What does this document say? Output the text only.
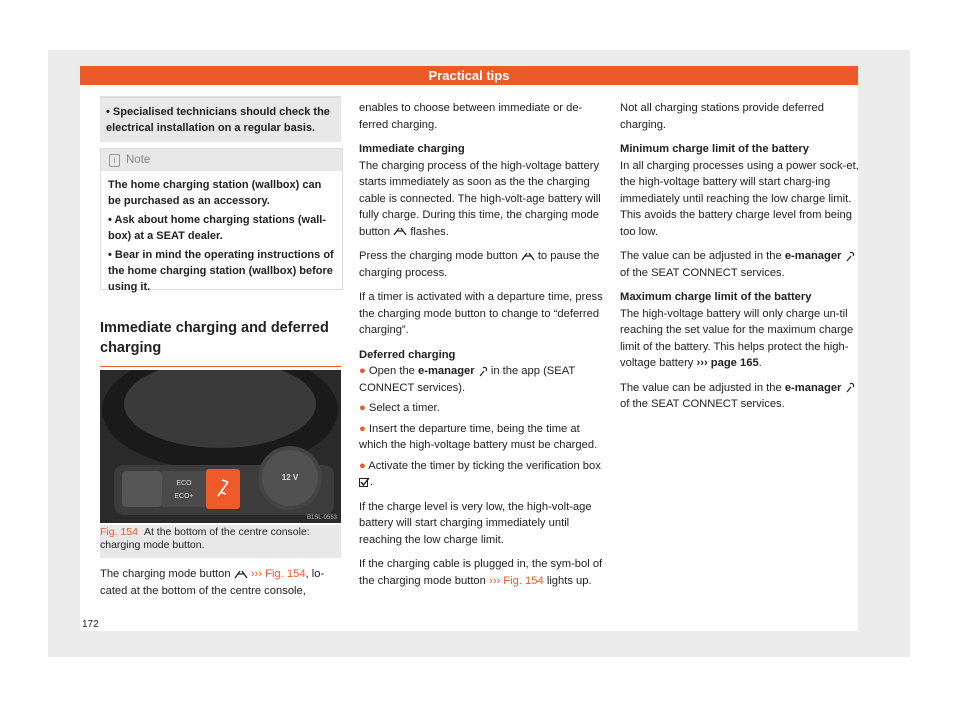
Practical tips
• Specialised technicians should check the electrical installation on a regular basis.
i Note

The home charging station (wallbox) can be purchased as an accessory.

• Ask about home charging stations (wall-box) at a SEAT dealer.

• Bear in mind the operating instructions of the home charging station (wallbox) before using it.

Immediate charging and deferred charging
ECO
ECO+
12 V
B1SL-0553
Fig. 154 At the bottom of the centre console: charging mode button.

The charging mode button ››› Fig. 154, lo-cated at the bottom of the centre console,

enables to choose between immediate or de-ferred charging.

Immediate charging

The charging process of the high-voltage battery starts immediately as soon as the the charging cable is connected. The high-volt-age battery will fully charge. During this time, the charging mode button flashes.

Press the charging mode button to pause the charging process.

If a timer is activated with a departure time, press the charging mode button to change to “deferred charging”.

Deferred charging

● Open the e-manager in the app (SEAT CONNECT services).

● Select a timer.

● Insert the departure time, being the time at which the high-voltage battery must be charged.

● Activate the timer by ticking the verification box .

If the charge level is very low, the high-volt-age battery will start charging immediately until reaching the low charge limit.

If the charging cable is plugged in, the sym-bol of the charging mode button ››› Fig. 154 lights up.

Not all charging stations provide deferred charging.

Minimum charge limit of the battery

In all charging processes using a power sock-et, the high-voltage battery will start charg-ing immediately until reaching the low charge limit. This avoids the battery charge level from being too low.

The value can be adjusted in the e-manager  of the SEAT CONNECT services.

Maximum charge limit of the battery

The high-voltage battery will only charge un-til reaching the set value for the maximum charge limit of the battery. This helps protect the high-voltage battery ››› page 165.

The value can be adjusted in the e-manager  of the SEAT CONNECT services.

172
